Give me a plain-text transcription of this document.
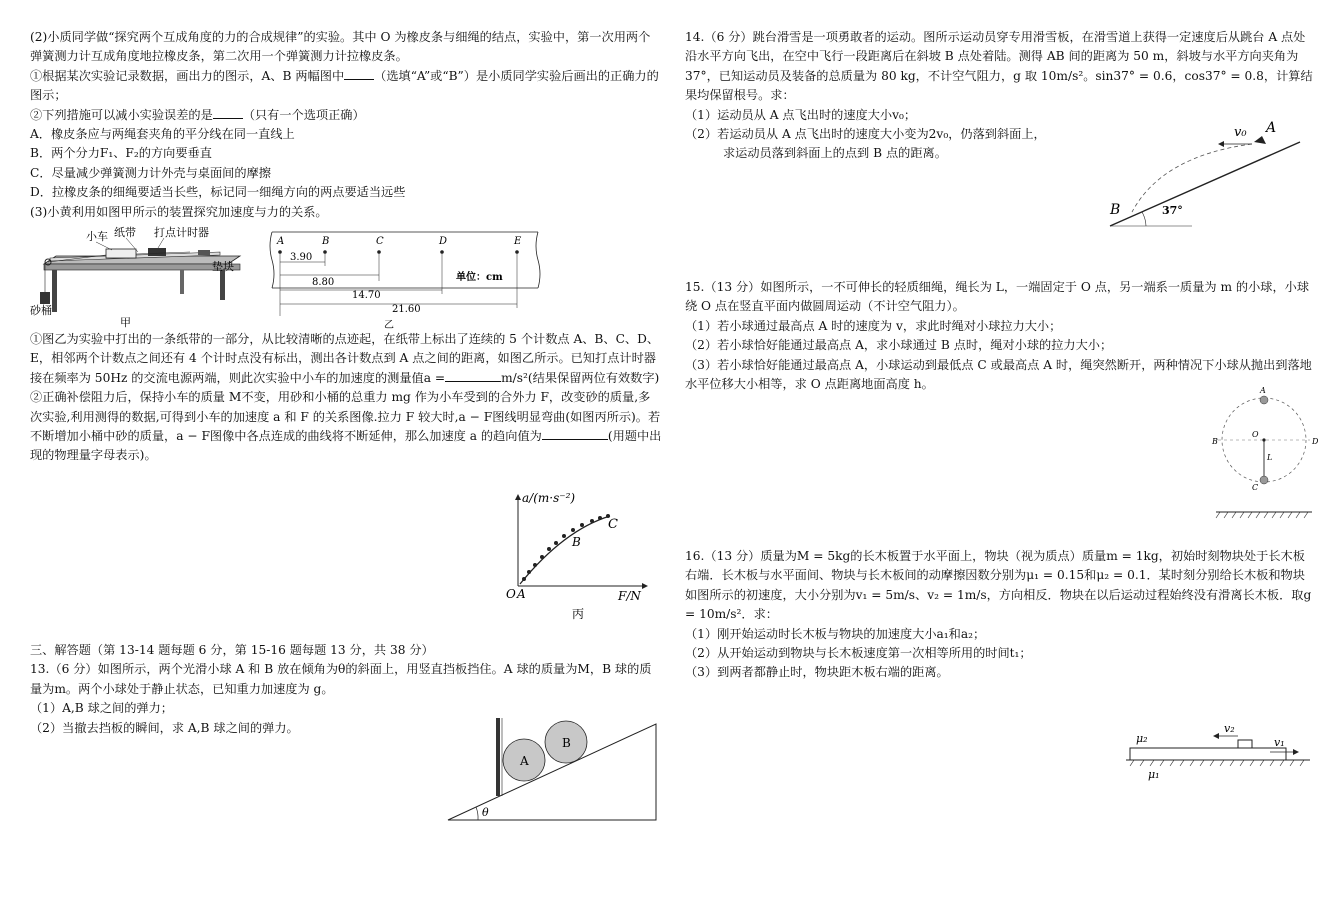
(2)小质同学做“探究两个互成角度的力的合成规律”的实验。其中 O 为橡皮条与细绳的结点，实验中，第一次用两个弹簧测力计互成角度地拉橡皮条，第二次用一个弹簧测力计拉橡皮条。

①根据某次实验记录数据，画出力的图示，A、B 两幅图中 （选填“A”或“B”）是小质同学实验后画出的正确力的图示；

②下列措施可以减小实验误差的是 （只有一个选项正确）

A．橡皮条应与两绳套夹角的平分线在同一直线上

B．两个分力F₁、F₂的方向要垂直

C．尽量减少弹簧测力计外壳与桌面间的摩擦

D．拉橡皮条的细绳要适当长些，标记同一细绳方向的两点要适当远些

(3)小黄利用如图甲所示的装置探究加速度与力的关系。

小车 纸带 打点计时器
垫块
砂桶
甲
A	B	C	D	E
3.90
8.80
14.70
21.60
单位：cm
乙

①图乙为实验中打出的一条纸带的一部分，从比较清晰的点迹起，在纸带上标出了连续的 5 个计数点 A、B、C、D、E，相邻两个计数点之间还有 4 个计时点没有标出，测出各计数点到 A 点之间的距离，如图乙所示。已知打点计时器接在频率为 50Hz 的交流电源两端，则此次实验中小车的加速度的测量值a =	m/s²(结果保留两位有效数字)

②正确补偿阻力后，保持小车的质量 M不变，用砂和小桶的总重力 mg 作为小车受到的合外力 F，改变砂的质量,多次实验,利用测得的数据,可得到小车的加速度 a 和 F 的关系图像.拉力 F 较大时,a − F图线明显弯曲(如图丙所示)。若不断增加小桶中砂的质量，a − F图像中各点连成的曲线将不断延伸，那么加速度 a 的趋向值为	(用题中出现的物理量字母表示)。

a/(m·s⁻²)
F/N
O A
B
C
丙

三、解答题（第 13-14 题每题 6 分，第 15-16 题每题 13 分，共 38 分）

13.（6 分）如图所示，两个光滑小球 A 和 B 放在倾角为θ的斜面上，用竖直挡板挡住。A 球的质量为M，B 球的质量为m。两个小球处于静止状态，已知重力加速度为 g。

（1）A,B 球之间的弹力；

（2）当撤去挡板的瞬间，求 A,B 球之间的弹力。

A
B
θ

14.（6 分）跳台滑雪是一项勇敢者的运动。图所示运动员穿专用滑雪板，在滑雪道上获得一定速度后从跳台 A 点处沿水平方向飞出，在空中飞行一段距离后在斜坡 B 点处着陆。测得 AB 间的距离为 50 m，斜坡与水平方向夹角为 37°，已知运动员及装备的总质量为 80 kg，不计空气阻力，g 取 10m/s²。sin37° = 0.6，cos37° = 0.8，计算结果均保留根号。求：

（1）运动员从 A 点飞出时的速度大小v₀；

（2）若运动员从 A 点飞出时的速度大小变为2v₀，仍落到斜面上，

求运动员落到斜面上的点到 B 点的距离。

v₀ A
B	37°

15.（13 分）如图所示，一不可伸长的轻质细绳，绳长为 L，一端固定于 O 点，另一端系一质量为 m 的小球，小球绕 O 点在竖直平面内做圆周运动（不计空气阻力）。

（1）若小球通过最高点 A 时的速度为 v，求此时绳对小球拉力大小；

（2）若小球恰好能通过最高点 A，求小球通过 B 点时，绳对小球的拉力大小；

（3）若小球恰好能通过最高点 A，小球运动到最低点 C 或最高点 A 时，绳突然断开，两种情况下小球从抛出到落地水平位移大小相等，求 O 点距离地面高度 h。	A
B	D
O
L
C

16.（13 分）质量为M = 5kg的长木板置于水平面上，物块（视为质点）质量m = 1kg，初始时刻物块处于长木板右端．长木板与水平面间、物块与长木板间的动摩擦因数分别为μ₁ = 0.15和μ₂ = 0.1．某时刻分别给长木板和物块如图所示的初速度，大小分别为v₁ = 5m/s、v₂ = 1m/s，方向相反．物块在以后运动过程始终没有滑离长木板．取g = 10m/s²．求：

（1）刚开始运动时长木板与物块的加速度大小a₁和a₂；

（2）从开始运动到物块与长木板速度第一次相等所用的时间t₁；

（3）到两者都静止时，物块距木板右端的距离。

μ₂
μ₁
v₂
v₁
